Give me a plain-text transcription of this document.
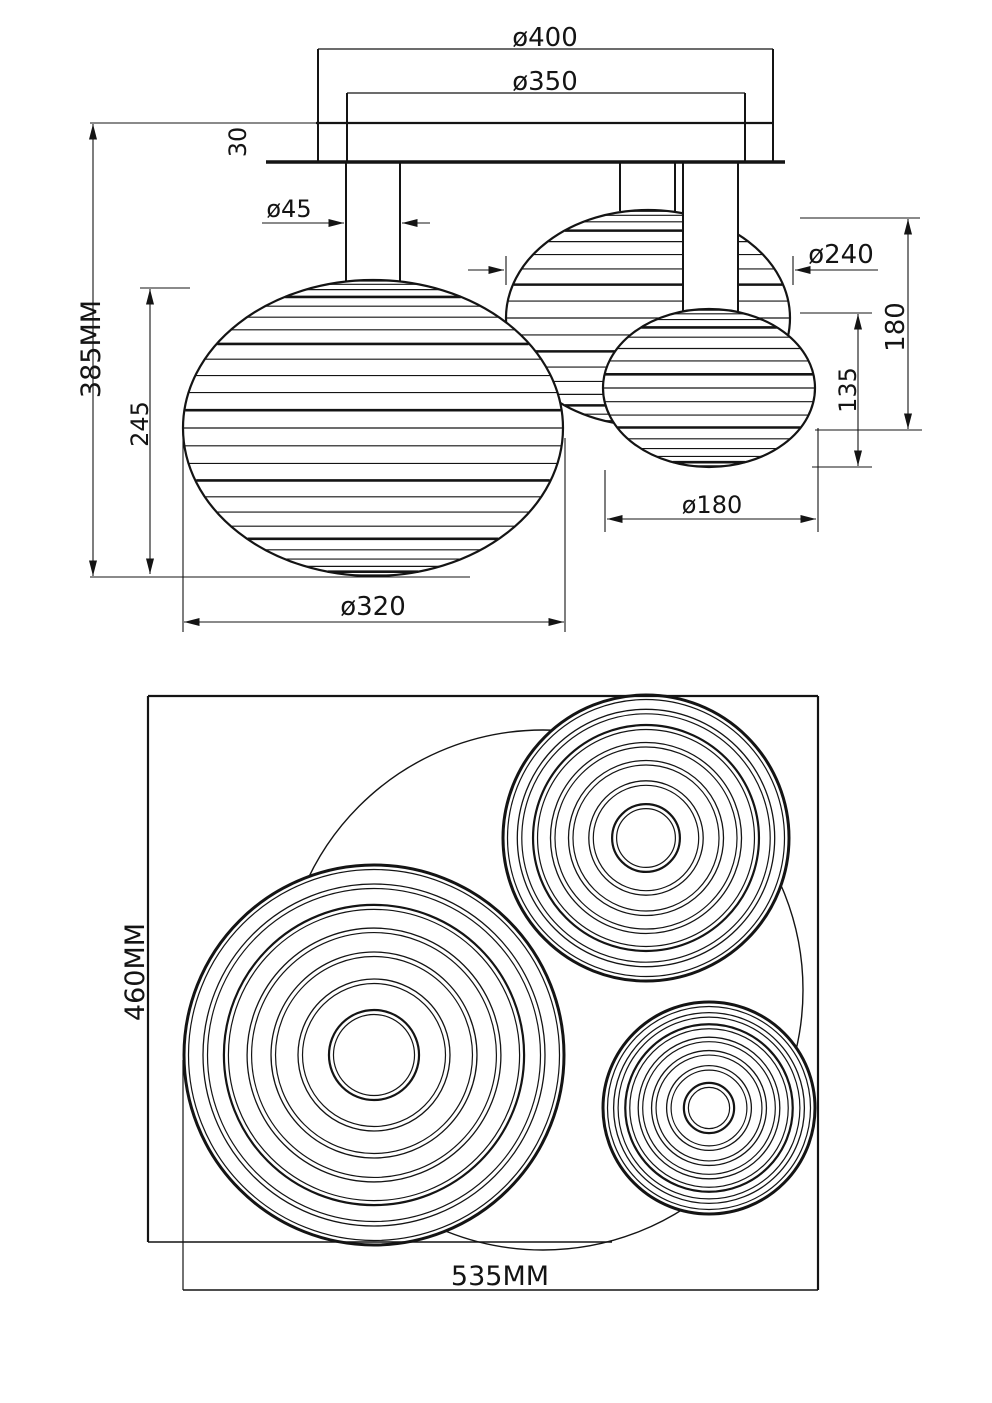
ø400
ø350
30
ø45
385MM
245
ø240
180
135
ø180
ø320
460MM
535MM
